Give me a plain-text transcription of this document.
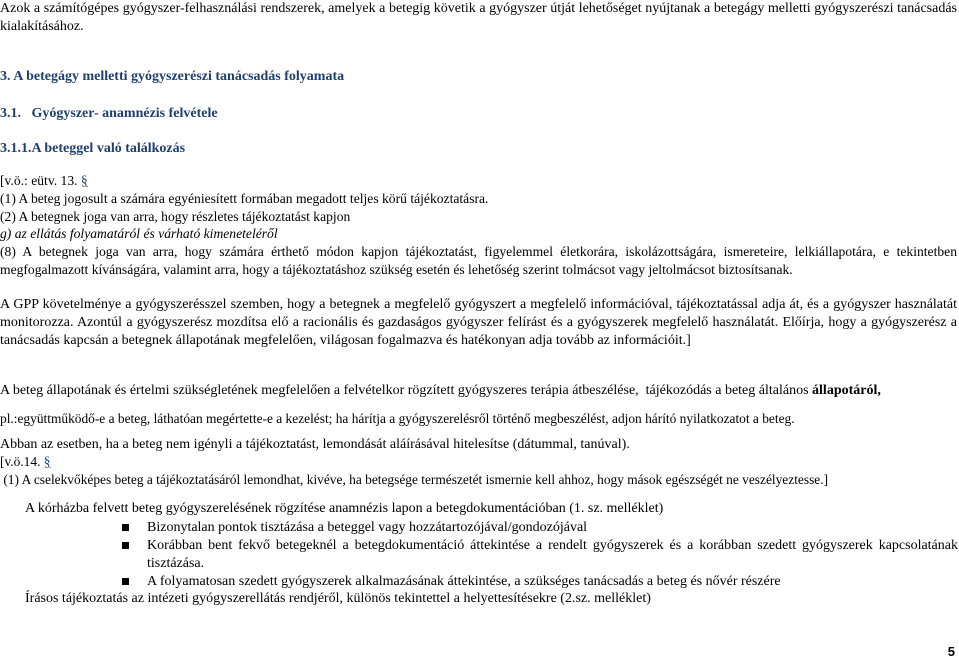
Azok a számítógépes gyógyszer-felhasználási rendszerek, amelyek a betegig követik a gyógyszer útját lehetőséget nyújtanak a betegágy melletti gyógyszerészi tanácsadás kialakításához.

3. A betegágy melletti gyógyszerészi tanácsadás folyamata
3.1.   Gyógyszer- anamnézis felvétele
3.1.1.A beteggel való találkozás

[v.ö.: eütv. 13. §

(1) A beteg jogosult a számára egyéniesített formában megadott teljes körű tájékoztatásra.

(2) A betegnek joga van arra, hogy részletes tájékoztatást kapjon

g) az ellátás folyamatáról és várható kimeneteléről

(8) A betegnek joga van arra, hogy számára érthető módon kapjon tájékoztatást, figyelemmel életkorára, iskolázottságára, ismereteire, lelkiállapotára, e tekintetben megfogalmazott kívánságára, valamint arra, hogy a tájékoztatáshoz szükség esetén és lehetőség szerint tolmácsot vagy jeltolmácsot biztosítsanak.

A GPP követelménye a gyógyszerésszel szemben, hogy a betegnek a megfelelő gyógyszert a megfelelő információval, tájékoztatással adja át, és a gyógyszer használatát monitorozza. Azontúl a gyógyszerész mozdítsa elő a racionális és gazdaságos gyógyszer felírást és a gyógyszerek megfelelő használatát. Előírja, hogy a gyógyszerész a tanácsadás kapcsán a betegnek állapotának megfelelően, világosan fogalmazva és hatékonyan adja tovább az információit.]

A beteg állapotának és értelmi szükségletének megfelelően a felvételkor rögzített gyógyszeres terápia átbeszélése,  tájékozódás a beteg általános állapotáról,

pl.:együttműködő-e a beteg, láthatóan megértette-e a kezelést; ha hárítja a gyógyszerelésről történő megbeszélést, adjon hárító nyilatkozatot a beteg.

Abban az esetben, ha a beteg nem igényli a tájékoztatást, lemondását aláírásával hitelesítse (dátummal, tanúval).

[v.ö.14. §

(1) A cselekvőképes beteg a tájékoztatásáról lemondhat, kivéve, ha betegsége természetét ismernie kell ahhoz, hogy mások egészségét ne veszélyeztesse.]

A kórházba felvett beteg gyógyszerelésének rögzítése anamnézis lapon a betegdokumentációban (1. sz. melléklet)

Bizonytalan pontok tisztázása a beteggel vagy hozzátartozójával/gondozójával
Korábban bent fekvő betegeknél a betegdokumentáció áttekintése a rendelt gyógyszerek és a korábban szedett gyógyszerek kapcsolatának tisztázása.
A folyamatosan szedett gyógyszerek alkalmazásának áttekintése, a szükséges tanácsadás a beteg és nővér részére

Írásos tájékoztatás az intézeti gyógyszerellátás rendjéről, különös tekintettel a helyettesítésekre (2.sz. melléklet)

5
